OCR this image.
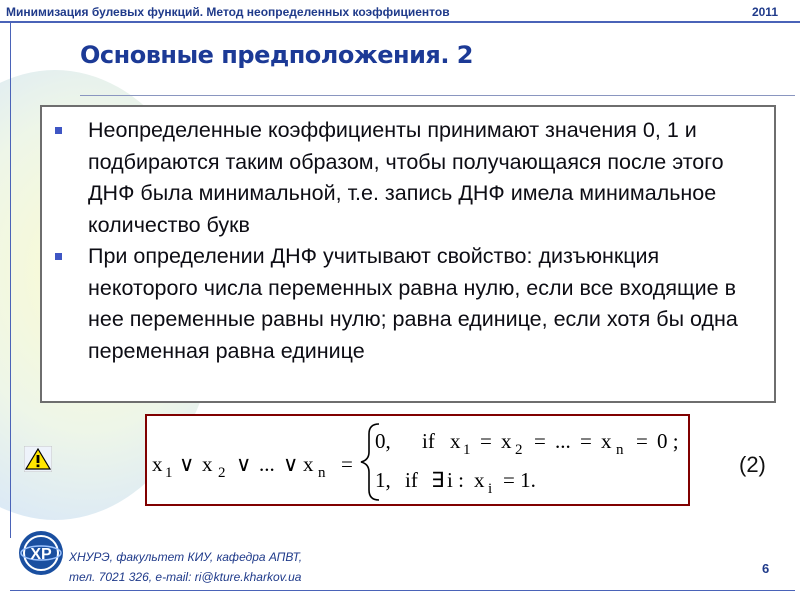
Минимизация булевых функций. Метод неопределенных коэффициентов	2011
Основные предположения. 2
Неопределенные коэффициенты принимают значения 0, 1 и подбираются таким образом, чтобы получающаяся после этого ДНФ была минимальной, т.е. запись ДНФ имела минимальное количество букв
При определении ДНФ учитывают свойство: дизъюнкция некоторого числа переменных равна нулю, если все входящие в нее переменные равны нулю; равна единице, если хотя бы одна переменная равна единице
x 1 ∨ x 2 ∨ ... ∨ x n =
0, if x 1 = x 2 = ... = x n = 0 ;
1, if ∃ i : x i = 1.
(2)
ХР ХНУРЭ, факультет КИУ, кафедра АПВТ,
тел. 7021 326, e-mail: ri@kture.kharkov.ua
6
